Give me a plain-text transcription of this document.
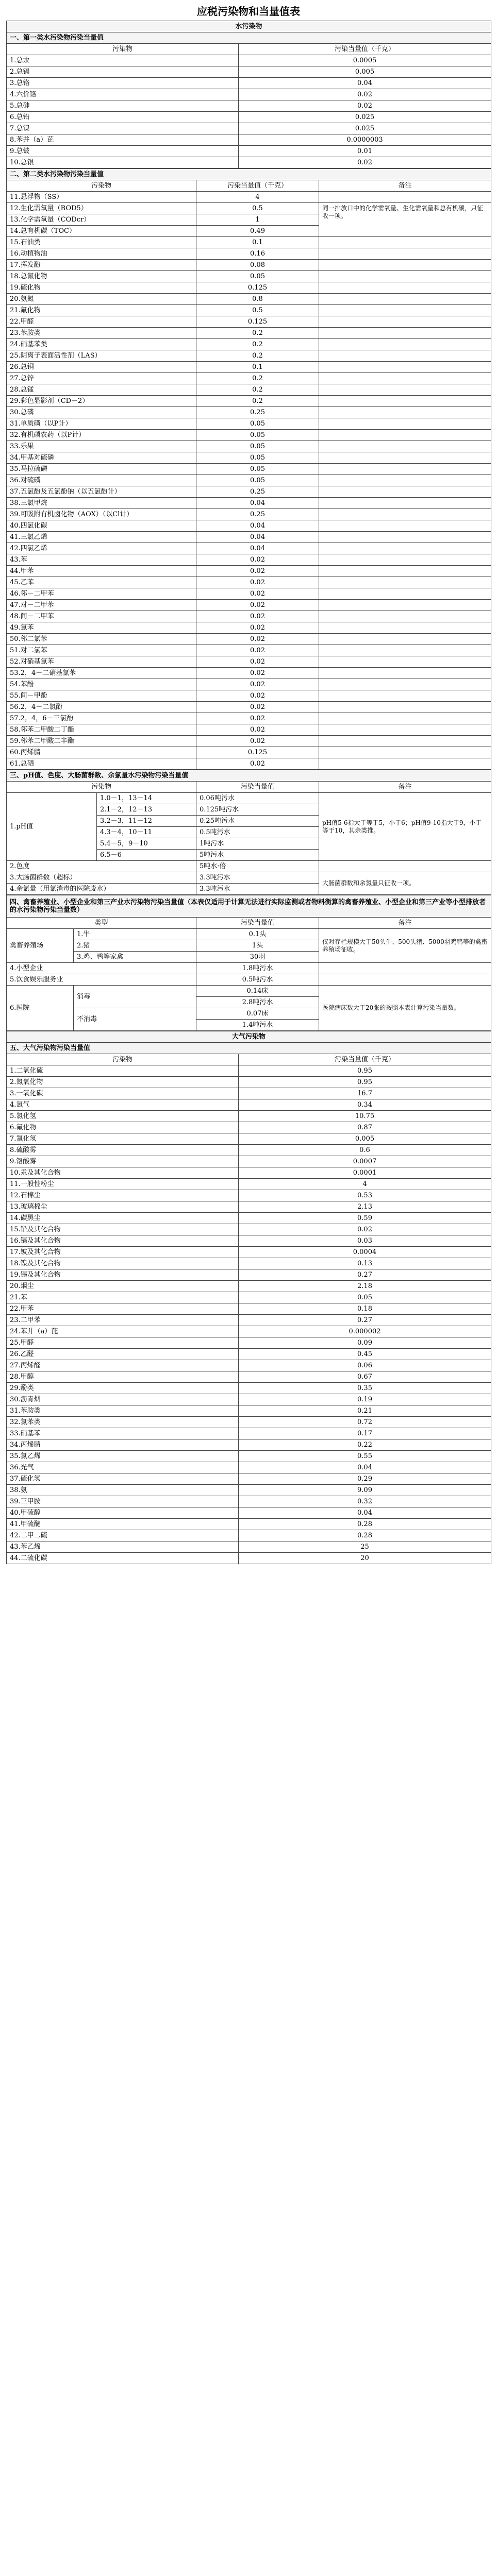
应税污染物和当量值表
水污染物	
一、第一类水污染物污染当量值	
污染物	污染当量值（千克）
1.总汞	0.0005
2.总镉	0.005
3.总铬	0.04
4.六价铬	0.02
5.总砷	0.02
6.总铅	0.025
7.总镍	0.025
8.苯并（a）芘	0.0000003
9.总铍	0.01
10.总银	0.02
二、第二类水污染物污染当量值		
污染物	污染当量值（千克）	备注
11.悬浮物（SS）	4	
12.生化需氧量（BOD5）	0.5	同一排放口中的化学需氧量、生化需氧量和总有机碳，只征收一项。
13.化学需氧量（CODcr）	1	
14.总有机碳（TOC）	0.49	
15.石油类	0.1	
16.动植物油	0.16	
17.挥发酚	0.08	
18.总氰化物	0.05	
19.硫化物	0.125	
20.氨氮	0.8	
21.氟化物	0.5	
22.甲醛	0.125	
23.苯胺类	0.2	
24.硝基苯类	0.2	
25.阴离子表面活性剂（LAS）	0.2	
26.总铜	0.1	
27.总锌	0.2	
28.总锰	0.2	
29.彩色显影剂（CD－2）	0.2	
30.总磷	0.25	
31.单质磷（以P计）	0.05	
32.有机磷农药（以P计）	0.05	
33.乐果	0.05	
34.甲基对硫磷	0.05	
35.马拉硫磷	0.05	
36.对硫磷	0.05	
37.五氯酚及五氯酚钠（以五氯酚计）	0.25	
38.三氯甲烷	0.04	
39.可吸附有机卤化物（AOX）（以Cl计）	0.25	
40.四氯化碳	0.04	
41.三氯乙烯	0.04	
42.四氯乙烯	0.04	
43.苯	0.02	
44.甲苯	0.02	
45.乙苯	0.02	
46.邻－二甲苯	0.02	
47.对－二甲苯	0.02	
48.间－二甲苯	0.02	
49.氯苯	0.02	
50.邻二氯苯	0.02	
51.对二氯苯	0.02	
52.对硝基氯苯	0.02	
53.2，4－二硝基氯苯	0.02	
54.苯酚	0.02	
55.间－甲酚	0.02	
56.2，4－二氯酚	0.02	
57.2，4，6－三氯酚	0.02	
58.邻苯二甲酸二丁酯	0.02	
59.邻苯二甲酸二辛酯	0.02	
60.丙烯腈	0.125	
61.总硒	0.02	
三、pH值、色度、大肠菌群数、余氯量水污染物污染当量值			
污染物		污染当量值	备注
1.pH值	1.0－1，13－14	0.06吨污水	pH值5-6指大于等于5，小于6；pH值9-10指大于9，小于等于10，其余类推。
	2.1－2，12－13	0.125吨污水	
	3.2－3，11－12	0.25吨污水	
	4.3－4，10－11	0.5吨污水	
	5.4－5，9－10	1吨污水	
	6.5－6	5吨污水	
2.色度		5吨水·倍	
3.大肠菌群数（超标）		3.3吨污水	大肠菌群数和余氯量只征收一项。
4.余氯量（用氯消毒的医院废水）		3.3吨污水	
四、禽畜养殖业、小型企业和第三产业水污染物污染当量值（本表仅适用于计算无法进行实际监测或者物料衡算的禽畜养殖业、小型企业和第三产业等小型排放者的水污染物污染当量数）			
类型		污染当量值	备注
禽畜养殖场	1.牛	0.1头	仅对存栏规模大于50头牛、500头猪、5000羽鸡鸭等的禽畜养殖场征收。
	2.猪	1头	
	3.鸡、鸭等家禽	30羽	
4.小型企业		1.8吨污水	
5.饮食娱乐服务业		0.5吨污水	
6.医院	消毒	0.14床	医院病床数大于20张的按照本表计算污染当量数。
		2.8吨污水	
	不消毒	0.07床	
		1.4吨污水	
大气污染物	
五、大气污染物污染当量值	
污染物	污染当量值（千克）
1.二氧化硫	0.95
2.氮氧化物	0.95
3.一氧化碳	16.7
4.氯气	0.34
5.氯化氢	10.75
6.氟化物	0.87
7.氰化氢	0.005
8.硫酸雾	0.6
9.铬酸雾	0.0007
10.汞及其化合物	0.0001
11.一般性粉尘	4
12.石棉尘	0.53
13.玻璃棉尘	2.13
14.碳黑尘	0.59
15.铅及其化合物	0.02
16.镉及其化合物	0.03
17.铍及其化合物	0.0004
18.镍及其化合物	0.13
19.锡及其化合物	0.27
20.烟尘	2.18
21.苯	0.05
22.甲苯	0.18
23.二甲苯	0.27
24.苯并（a）芘	0.000002
25.甲醛	0.09
26.乙醛	0.45
27.丙烯醛	0.06
28.甲醇	0.67
29.酚类	0.35
30.沥青烟	0.19
31.苯胺类	0.21
32.氯苯类	0.72
33.硝基苯	0.17
34.丙烯腈	0.22
35.氯乙烯	0.55
36.光气	0.04
37.硫化氢	0.29
38.氨	9.09
39.三甲胺	0.32
40.甲硫醇	0.04
41.甲硫醚	0.28
42.二甲二硫	0.28
43.苯乙烯	25
44.二硫化碳	20
